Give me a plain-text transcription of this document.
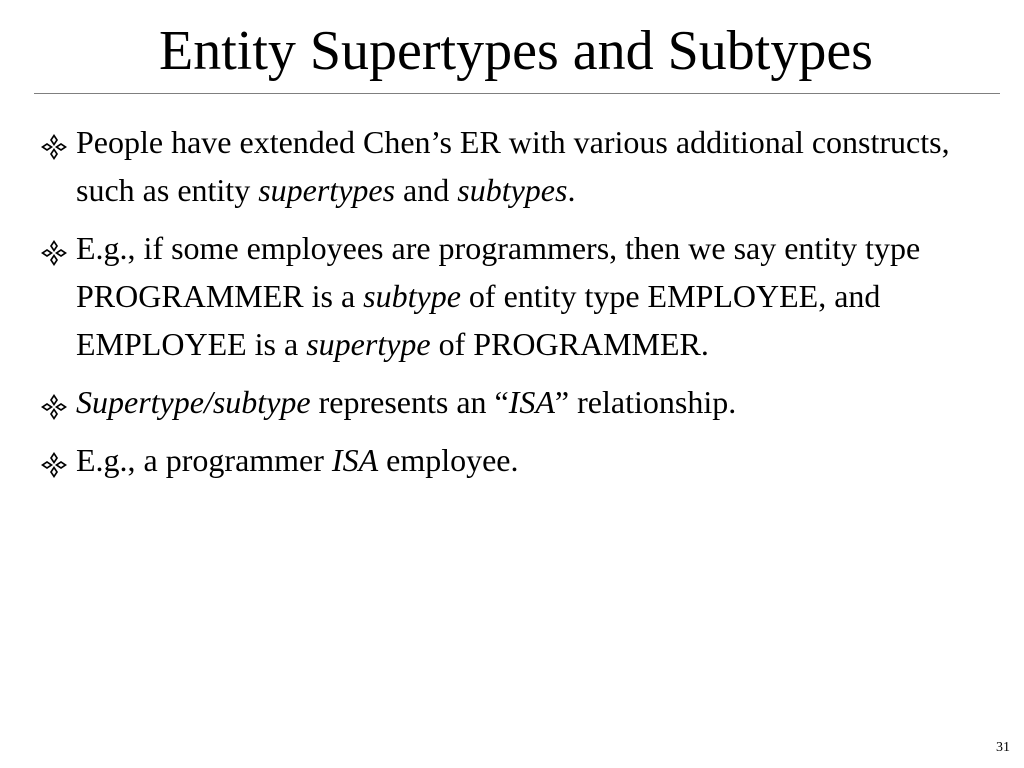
Entity Supertypes and Subtypes
People have extended Chen’s ER with various additional constructs, such as entity supertypes and subtypes.
E.g., if some employees are programmers, then we say entity type PROGRAMMER is a subtype of entity type EMPLOYEE, and EMPLOYEE is a supertype of PROGRAMMER.
Supertype/subtype represents an “ISA” relationship.
E.g., a programmer ISA employee.
31
